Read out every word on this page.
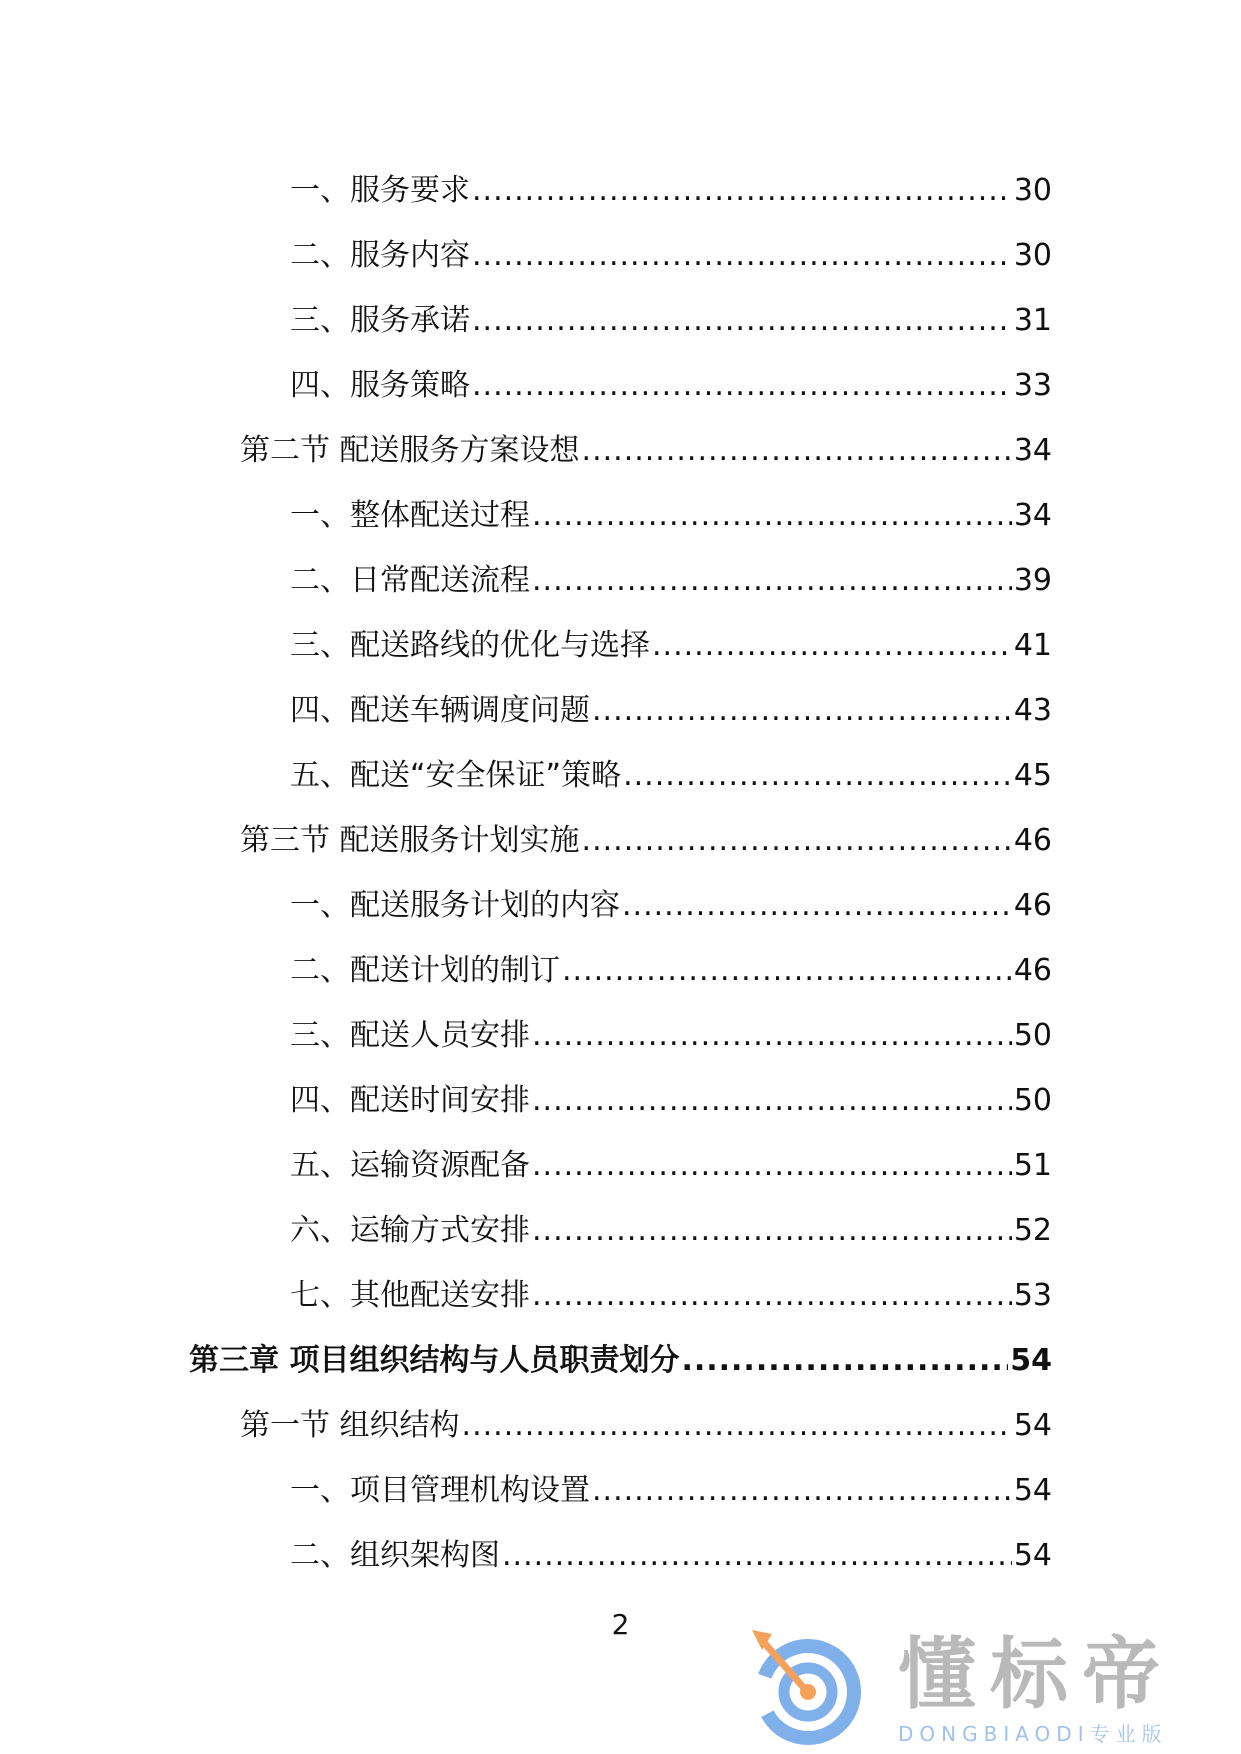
一、服务要求 .....	30
二、服务内容 .....	30
三、服务承诺 .....	31
四、服务策略 .....	33
第二节 配送服务方案设想 .....	34
一、整体配送过程 .....	34
二、日常配送流程 .....	39
三、配送路线的优化与选择 .....	41
四、配送车辆调度问题 .....	43
五、配送“安全保证”策略 .....	45
第三节 配送服务计划实施 .....	46
一、配送服务计划的内容 .....	46
二、配送计划的制订 .....	46
三、配送人员安排 .....	50
四、配送时间安排 .....	50
五、运输资源配备 .....	51
六、运输方式安排 .....	52
七、其他配送安排 .....	53
第三章 项目组织结构与人员职责划分 .....	54
第一节 组织结构 .....	54
一、项目管理机构设置 .....	54
二、组织架构图 .....	54
2
懂标帝
DONGBIAODI专业版
